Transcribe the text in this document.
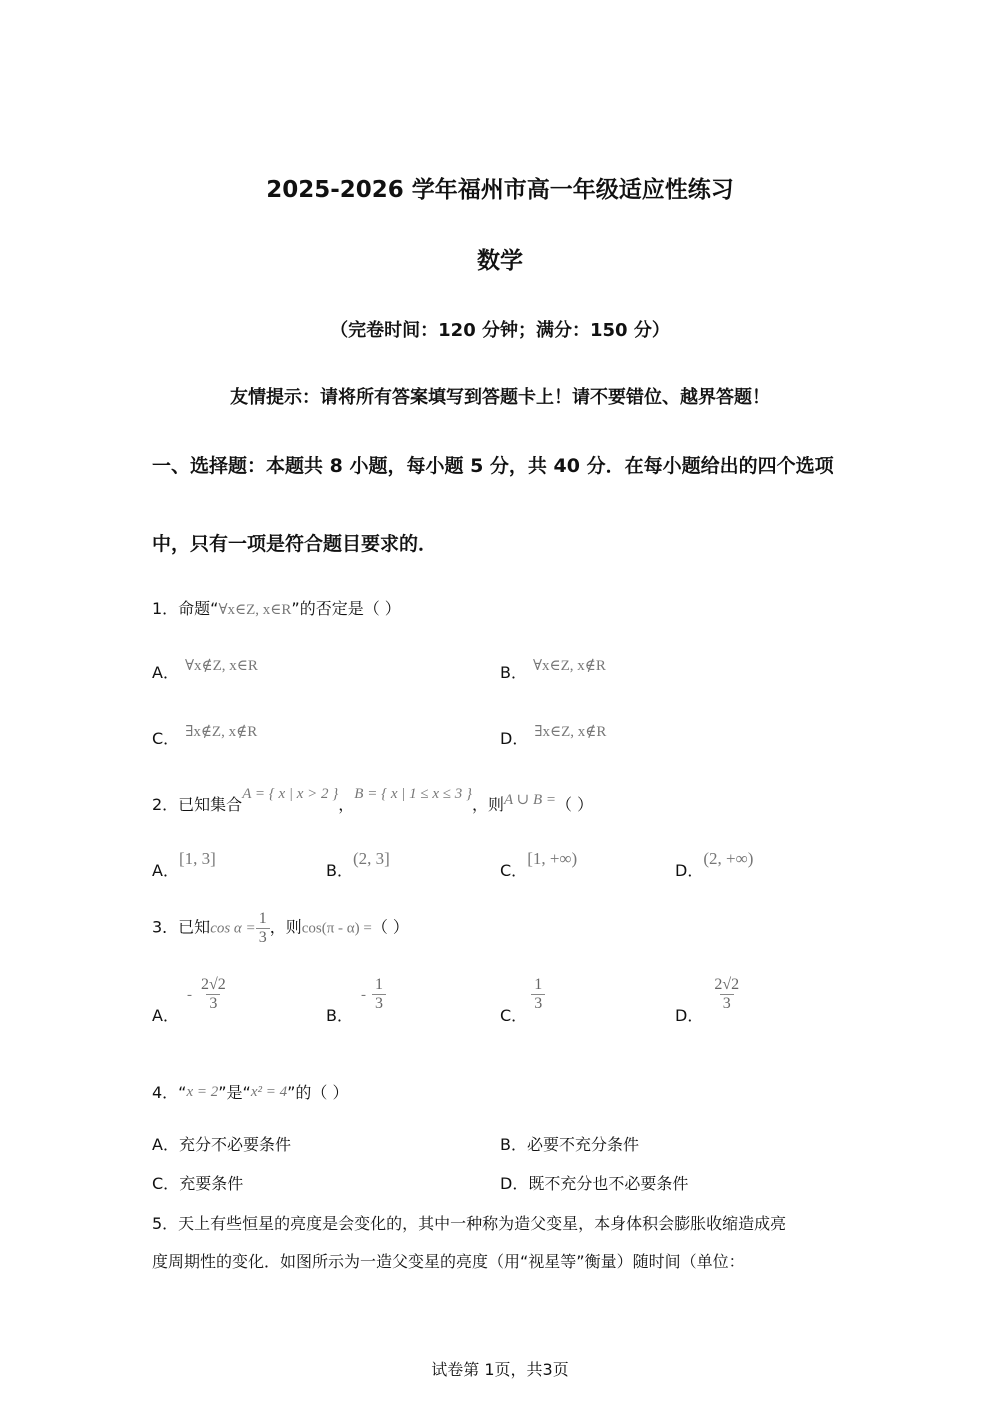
2025-2026 学年福州市高一年级适应性练习
数学
（完卷时间：120 分钟；满分：150 分）
友情提示：请将所有答案填写到答题卡上！请不要错位、越界答题！
一、选择题：本题共 8 小题，每小题 5 分，共 40 分．在每小题给出的四个选项
中，只有一项是符合题目要求的．
1．命题“∀x∈Z, x∈R”的否定是（ ）
A． ∀x∉Z, x∈R	B． ∀x∈Z, x∉R
C． ∃x∉Z, x∉R	D． ∃x∈Z, x∉R
2．已知集合A = { x | x > 2 }，B = { x | 1 ≤ x ≤ 3 }，则A ∪ B =（ ）
A．[1, 3]
B．(2, 3]
C．[1, +∞)
D．(2, +∞)
3．已知$\cos \alpha = \frac{1}{3}$ ，则cos(π - α) =（ ）
A．- $\frac{2√2}{3}$
B．- $\frac{1}{3}$
C．
$\frac{1}{3}$
D．
$\frac{2√2}{3}$
4．“x = 2”是“x² = 4”的（ ）
A．充分不必要条件	B．必要不充分条件
C．充要条件	D．既不充分也不必要条件
5．天上有些恒星的亮度是会变化的，其中一种称为造父变星，本身体积会膨胀收缩造成亮
度周期性的变化．如图所示为一造父变星的亮度（用“视星等”衡量）随时间（单位：
试卷第 1页，共3页
